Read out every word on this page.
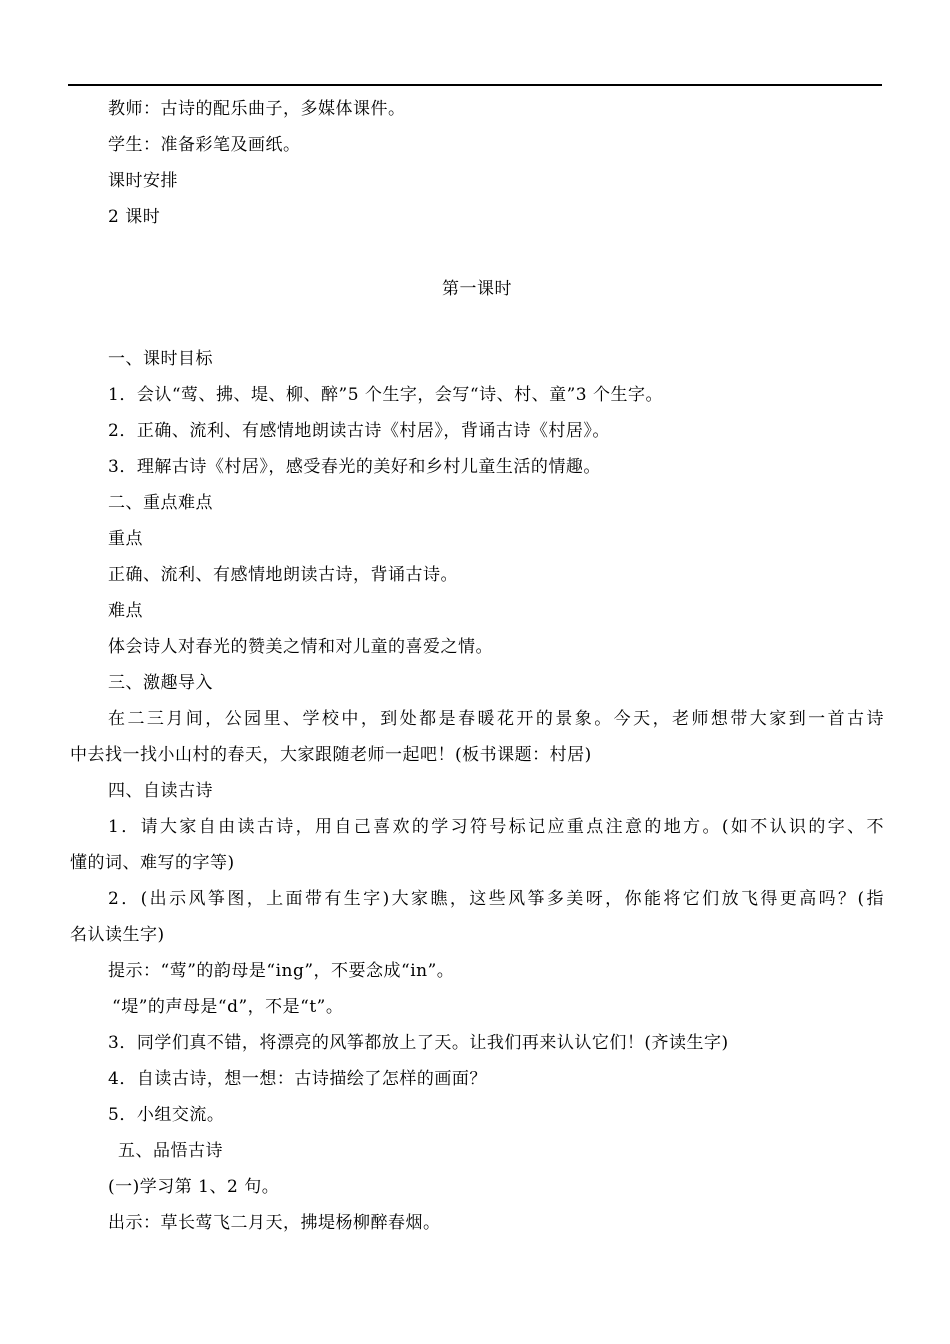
教师：古诗的配乐曲子，多媒体课件。
学生：准备彩笔及画纸。
课时安排
2 课时
第一课时
一、课时目标
1．会认“莺、拂、堤、柳、醉”5 个生字，会写“诗、村、童”3 个生字。
2．正确、流利、有感情地朗读古诗《村居》，背诵古诗《村居》。
3．理解古诗《村居》，感受春光的美好和乡村儿童生活的情趣。
二、重点难点
重点
正确、流利、有感情地朗读古诗，背诵古诗。
难点
体会诗人对春光的赞美之情和对儿童的喜爱之情。
三、激趣导入
在二三月间，公园里、学校中，到处都是春暖花开的景象。今天，老师想带大家到一首古诗
中去找一找小山村的春天，大家跟随老师一起吧！(板书课题：村居)
四、自读古诗
1．请大家自由读古诗，用自己喜欢的学习符号标记应重点注意的地方。(如不认识的字、不
懂的词、难写的字等)
2．(出示风筝图，上面带有生字)大家瞧，这些风筝多美呀，你能将它们放飞得更高吗？(指
名认读生字)
提示：“莺”的韵母是“ing”，不要念成“in”。
“堤”的声母是“d”，不是“t”。
3．同学们真不错，将漂亮的风筝都放上了天。让我们再来认认它们！(齐读生字)
4．自读古诗，想一想：古诗描绘了怎样的画面？
5．小组交流。
五、品悟古诗
(一)学习第 1、2 句。
出示：草长莺飞二月天，拂堤杨柳醉春烟。
